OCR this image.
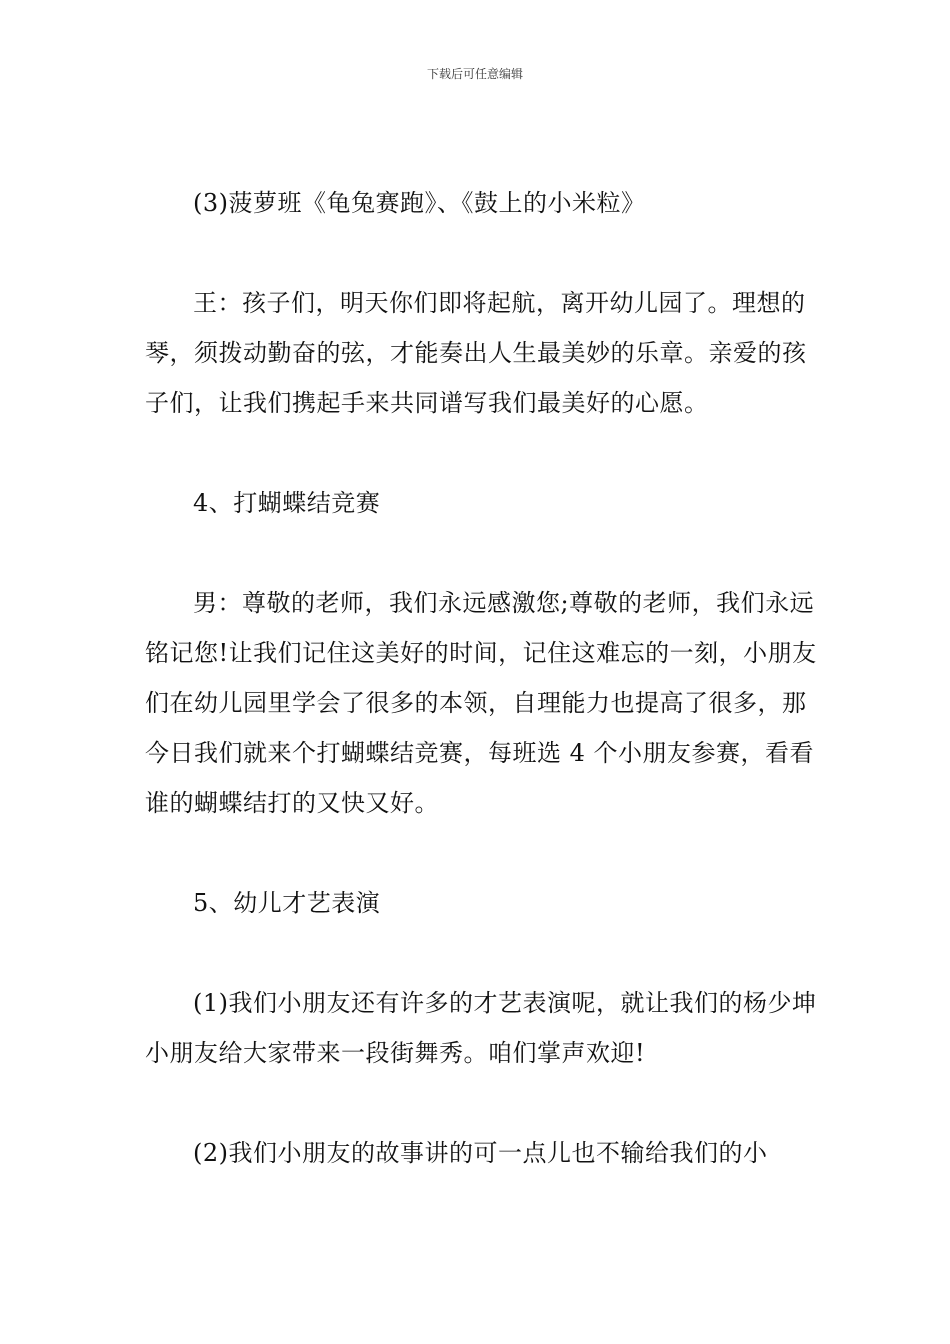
下载后可任意编辑

(3)菠萝班《龟兔赛跑》、《鼓上的小米粒》

王：孩子们，明天你们即将起航，离开幼儿园了。理想的琴，须拨动勤奋的弦，才能奏出人生最美妙的乐章。亲爱的孩子们，让我们携起手来共同谱写我们最美好的心愿。

4、打蝴蝶结竞赛

男：尊敬的老师，我们永远感激您;尊敬的老师，我们永远铭记您!让我们记住这美好的时间，记住这难忘的一刻，小朋友们在幼儿园里学会了很多的本领，自理能力也提高了很多，那今日我们就来个打蝴蝶结竞赛，每班选 4 个小朋友参赛，看看谁的蝴蝶结打的又快又好。

5、幼儿才艺表演

(1)我们小朋友还有许多的才艺表演呢，就让我们的杨少坤小朋友给大家带来一段街舞秀。咱们掌声欢迎!

(2)我们小朋友的故事讲的可一点儿也不输给我们的小
